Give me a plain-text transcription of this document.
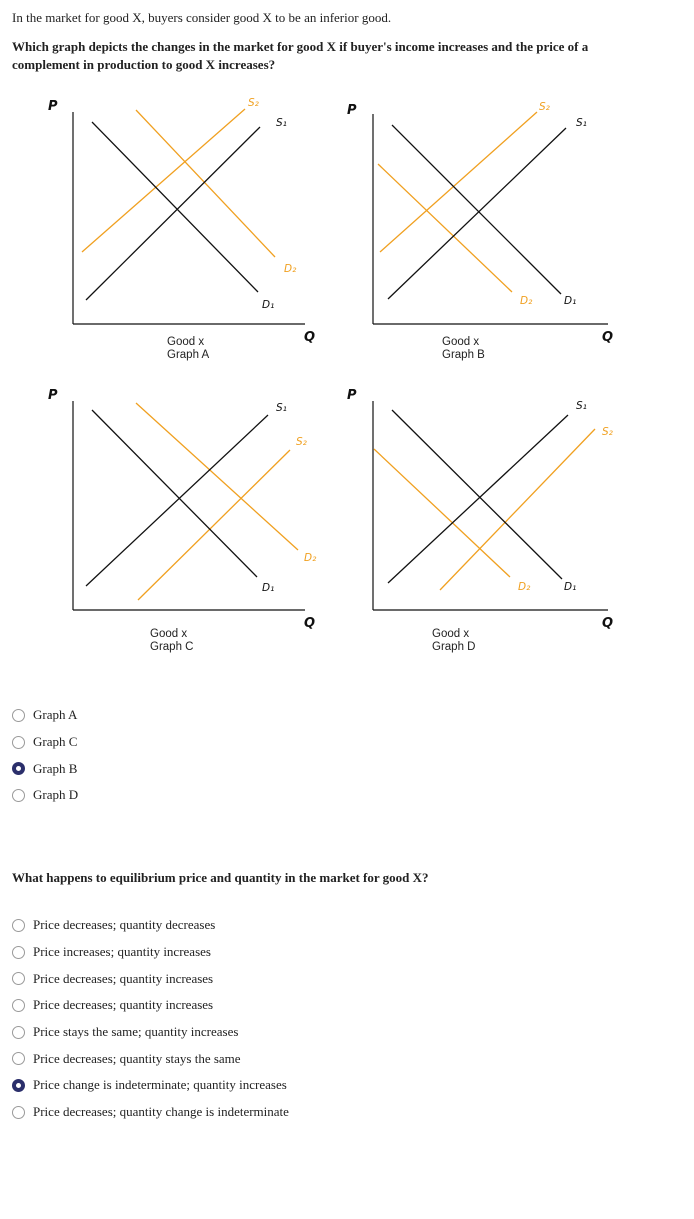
In the market for good X, buyers consider good X to be an inferior good.

Which graph depicts the changes in the market for good X if buyer's income increases and the price of a complement in production to good X increases?

P
Q
S₂
S₁
D₂
D₁
Good x
Graph A
P
Q
S₂
S₁
D₂	D₁
Good x
Graph B
P
Q
S₁
S₂
D₂
D₁
Good x
Graph C
P
Q
S₁
S₂
D₂	D₁
Good x
Graph D
Graph A
Graph C
Graph B
Graph D

What happens to equilibrium price and quantity in the market for good X?

Price decreases; quantity decreases
Price increases; quantity increases
Price decreases; quantity increases
Price decreases; quantity increases
Price stays the same; quantity increases
Price decreases; quantity stays the same
Price change is indeterminate; quantity increases
Price decreases; quantity change is indeterminate
